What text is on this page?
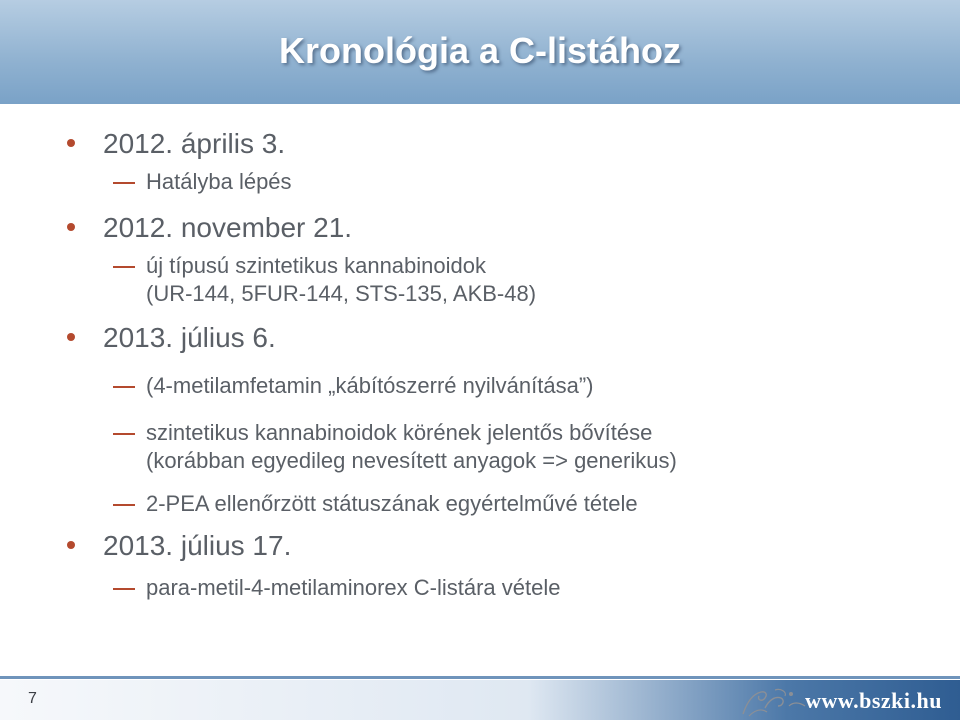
Kronológia a C-listához
2012. április 3.
Hatályba lépés
2012. november 21.
új típusú szintetikus kannabinoidok
(UR-144, 5FUR-144, STS-135, AKB-48)
2013. július 6.
(4-metilamfetamin „kábítószerré nyilvánítása”)
szintetikus kannabinoidok körének jelentős bővítése
(korábban egyedileg nevesített anyagok => generikus)
2-PEA ellenőrzött státuszának egyértelművé tétele
2013. július 17.
para-metil-4-metilaminorex C-listára vétele
7	www.bszki.hu
